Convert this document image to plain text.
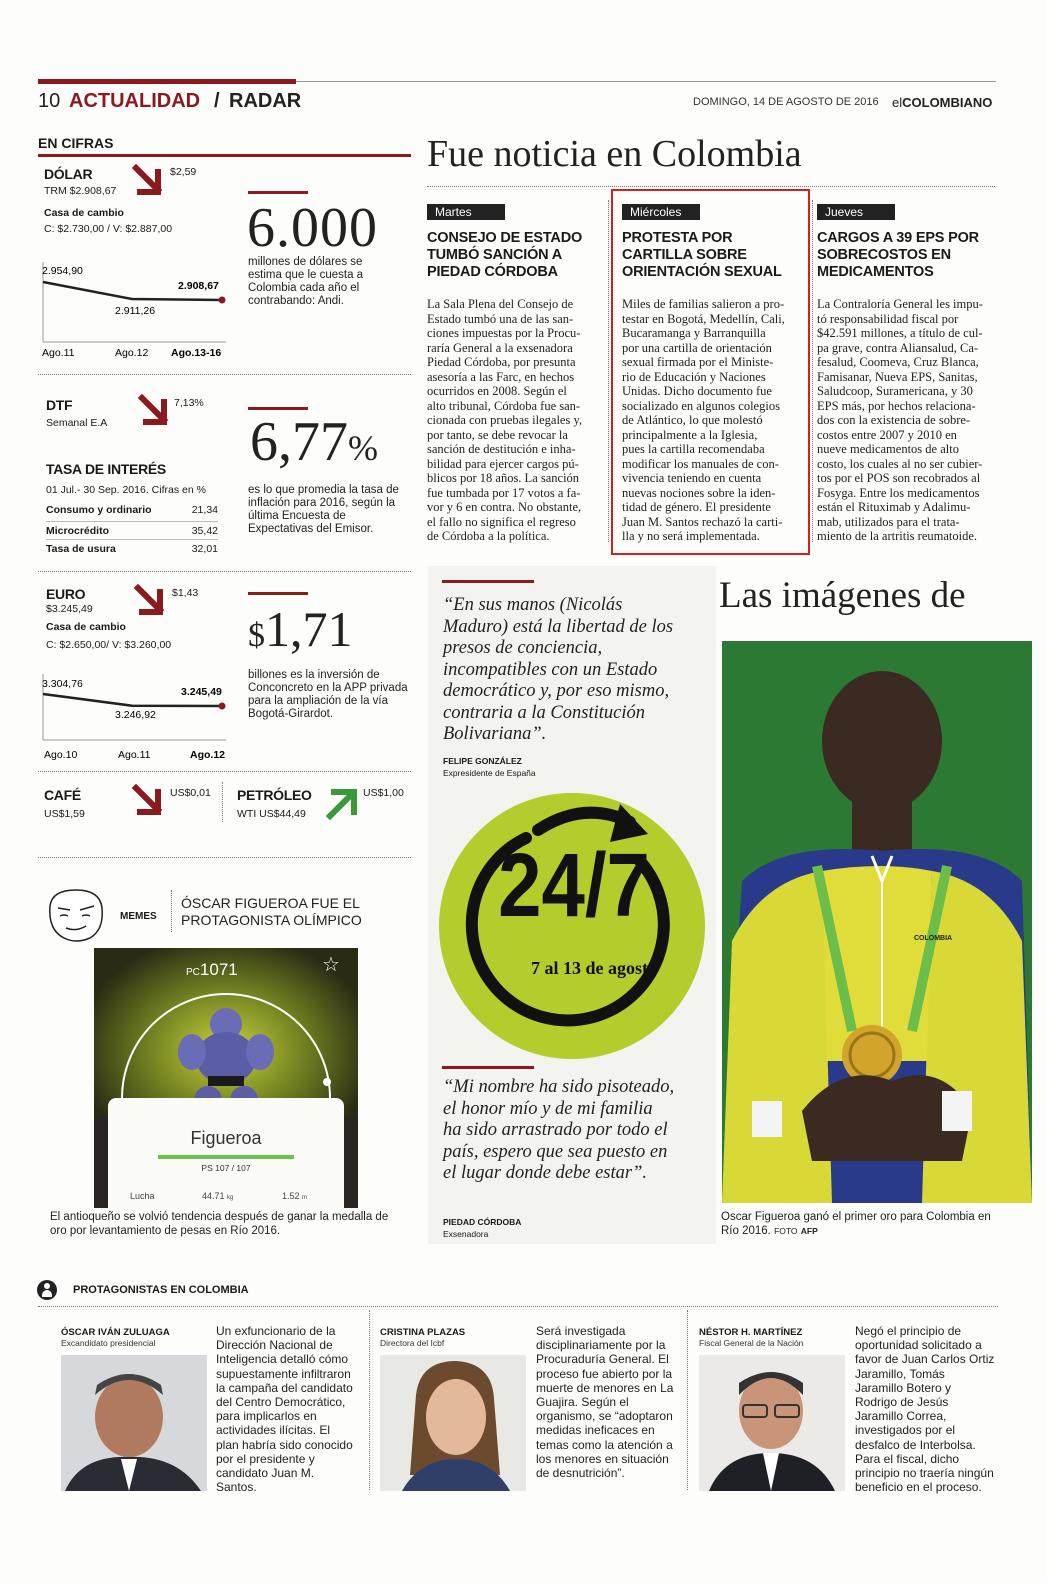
10 ACTUALIDAD / RADAR	DOMINGO, 14 DE AGOSTO DE 2016 elCOLOMBIANO
EN CIFRAS
DÓLAR
TRM $2.908,67
Casa de cambio
C: $2.730,00 / V: $2.887,00
$2,59
2.954,90
2.911,26
2.908,67
Ago.11	Ago.12 Ago.13-16
6.000
millones de dólares se estima que le cuesta a Colombia cada año el contrabando: Andi.
DTF
Semanal E.A
7,13%
TASA DE INTERÉS
01 Jul.- 30 Sep. 2016. Cifras en %
Consumo y ordinario	21,34
Microcrédito	35,42
Tasa de usura	32,01
6,77%
es lo que promedia la tasa de inflación para 2016, según la última Encuesta de Expectativas del Emisor.
EURO
$3.245,49
Casa de cambio
C: $2.650,00/ V: $3.260,00
$1,43
3.304,76
3.246,92
3.245,49
Ago.10	Ago.11	Ago.12
$1,71
billones es la inversión de Conconcreto en la APP privada para la ampliación de la vía Bogotá-Girardot.
CAFÉ
US$1,59
US$0,01 PETRÓLEO
WTI US$44,49
US$1,00
MEMES
ÓSCAR FIGUEROA FUE EL PROTAGONISTA OLÍMPICO
PC1071	☆
Figueroa
PS 107 / 107
Lucha	44.71 kg	1.52 m
El antioqueño se volvió tendencia después de ganar la medalla de oro por levantamiento de pesas en Río 2016.
Fue noticia en Colombia
Martes
CONSEJO DE ESTADO TUMBÓ SANCIÓN A PIEDAD CÓRDOBA
La Sala Plena del Consejo de
Estado tumbó una de las san-
ciones impuestas por la Procu-
raría General a la exsenadora
Piedad Córdoba, por presunta
asesoría a las Farc, en hechos
ocurridos en 2008. Según el
alto tribunal, Córdoba fue san-
cionada con pruebas ilegales y,
por tanto, se debe revocar la
sanción de destitución e inha-
bilidad para ejercer cargos pú-
blicos por 18 años. La sanción
fue tumbada por 17 votos a fa-
vor y 6 en contra. No obstante,
el fallo no significa el regreso
de Córdoba a la política.
Miércoles
PROTESTA POR CARTILLA SOBRE ORIENTACIÓN SEXUAL
Miles de familias salieron a pro-
testar en Bogotá, Medellín, Cali,
Bucaramanga y Barranquilla
por una cartilla de orientación
sexual firmada por el Ministe-
rio de Educación y Naciones
Unidas. Dicho documento fue
socializado en algunos colegios
de Atlántico, lo que molestó
principalmente a la Iglesia,
pues la cartilla recomendaba
modificar los manuales de con-
vivencia teniendo en cuenta
nuevas nociones sobre la iden-
tidad de género. El presidente
Juan M. Santos rechazó la carti-
lla y no será implementada.
Jueves
CARGOS A 39 EPS POR SOBRECOSTOS EN MEDICAMENTOS
La Contraloría General les impu-
tó responsabilidad fiscal por
$42.591 millones, a título de cul-
pa grave, contra Aliansalud, Ca-
fesalud, Coomeva, Cruz Blanca,
Famisanar, Nueva EPS, Sanitas,
Saludcoop, Suramericana, y 30
EPS más, por hechos relaciona-
dos con la existencia de sobre-
costos entre 2007 y 2010 en
nueve medicamentos de alto
costo, los cuales al no ser cubier-
tos por el POS son recobrados al
Fosyga. Entre los medicamentos
están el Rituximab y Adalimu-
mab, utilizados para el trata-
miento de la artritis reumatoide.
“En sus manos (Nicolás Maduro) está la libertad de los presos de conciencia, incompatibles con un Estado democrático y, por eso mismo, contraria a la Constitución Bolivariana”.
FELIPE GONZÁLEZ
Expresidente de España
24/7
7 al 13 de agosto
“Mi nombre ha sido pisoteado, el honor mío y de mi familia ha sido arrastrado por todo el país, espero que sea puesto en el lugar donde debe estar”.
PIEDAD CÓRDOBA
Exsenadora
Las imágenes de
COLOMBIA
Oscar Figueroa ganó el primer oro para Colombia en Río 2016. FOTO AFP
PROTAGONISTAS EN COLOMBIA
ÓSCAR IVÁN ZULUAGA
Excandidato presidencial
Un exfuncionario de la Dirección Nacional de Inteligencia detalló cómo supuestamente infiltraron la campaña del candidato del Centro Democrático, para implicarlos en actividades ilícitas. El plan habría sido conocido por el presidente y candidato Juan M. Santos.
CRISTINA PLAZAS
Directora del Icbf
Será investigada disciplinariamente por la Procuraduría General. El proceso fue abierto por la muerte de menores en La Guajira. Según el organismo, se “adoptaron medidas ineficaces en temas como la atención a los menores en situación de desnutrición”.
NÉSTOR H. MARTÍNEZ
Fiscal General de la Nación
Negó el principio de oportunidad solicitado a favor de Juan Carlos Ortiz Jaramillo, Tomás Jaramillo Botero y Rodrigo de Jesús Jaramillo Correa, investigados por el desfalco de Interbolsa. Para el fiscal, dicho principio no traería ningún beneficio en el proceso.
